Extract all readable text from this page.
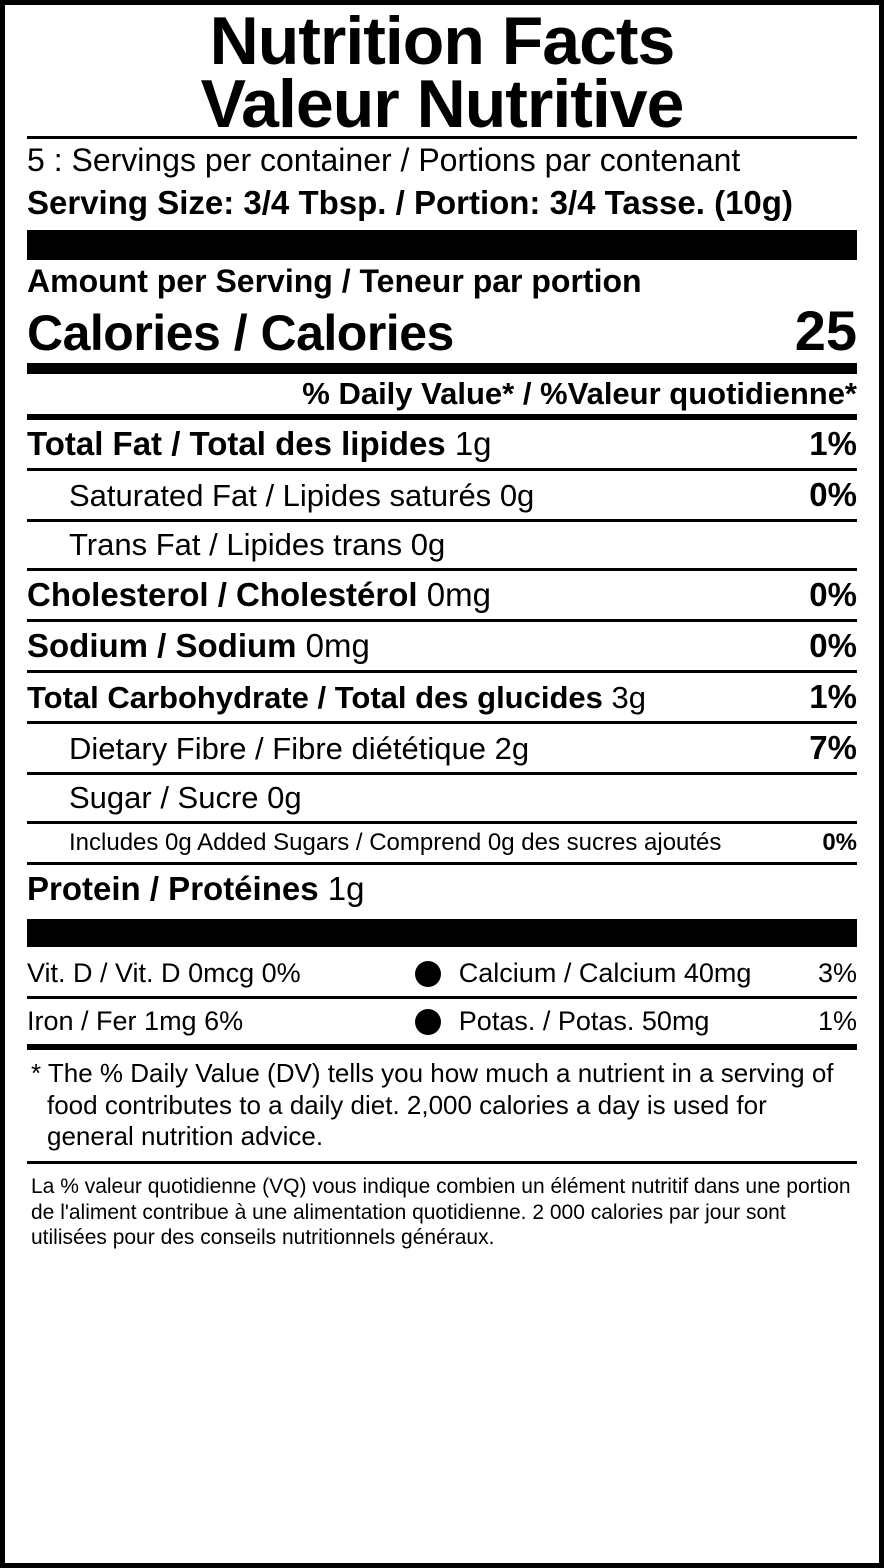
Nutrition Facts
Valeur Nutritive
5 : Servings per container / Portions par contenant
Serving Size: 3/4 Tbsp. / Portion: 3/4 Tasse. (10g)
Amount per Serving / Teneur par portion
Calories / Calories	25
% Daily Value* / %Valeur quotidienne*
Total Fat / Total des lipides 1g	1%
Saturated Fat / Lipides saturés 0g	0%
Trans Fat / Lipides trans 0g
Cholesterol / Cholestérol 0mg	0%
Sodium / Sodium 0mg	0%
Total Carbohydrate / Total des glucides 3g	1%
Dietary Fibre / Fibre diététique 2g	7%
Sugar / Sucre 0g
Includes 0g Added Sugars / Comprend 0g des sucres ajoutés	0%
Protein / Protéines 1g
Vit. D / Vit. D 0mcg 0%	Calcium / Calcium 40mg 3%
Iron / Fer 1mg 6%	Potas. / Potas. 50mg	1%
* The % Daily Value (DV) tells you how much a nutrient in a serving of food contributes to a daily diet. 2,000 calories a day is used for general nutrition advice.
La % valeur quotidienne (VQ) vous indique combien un élément nutritif dans une portion de l'aliment contribue à une alimentation quotidienne. 2 000 calories par jour sont utilisées pour des conseils nutritionnels généraux.
